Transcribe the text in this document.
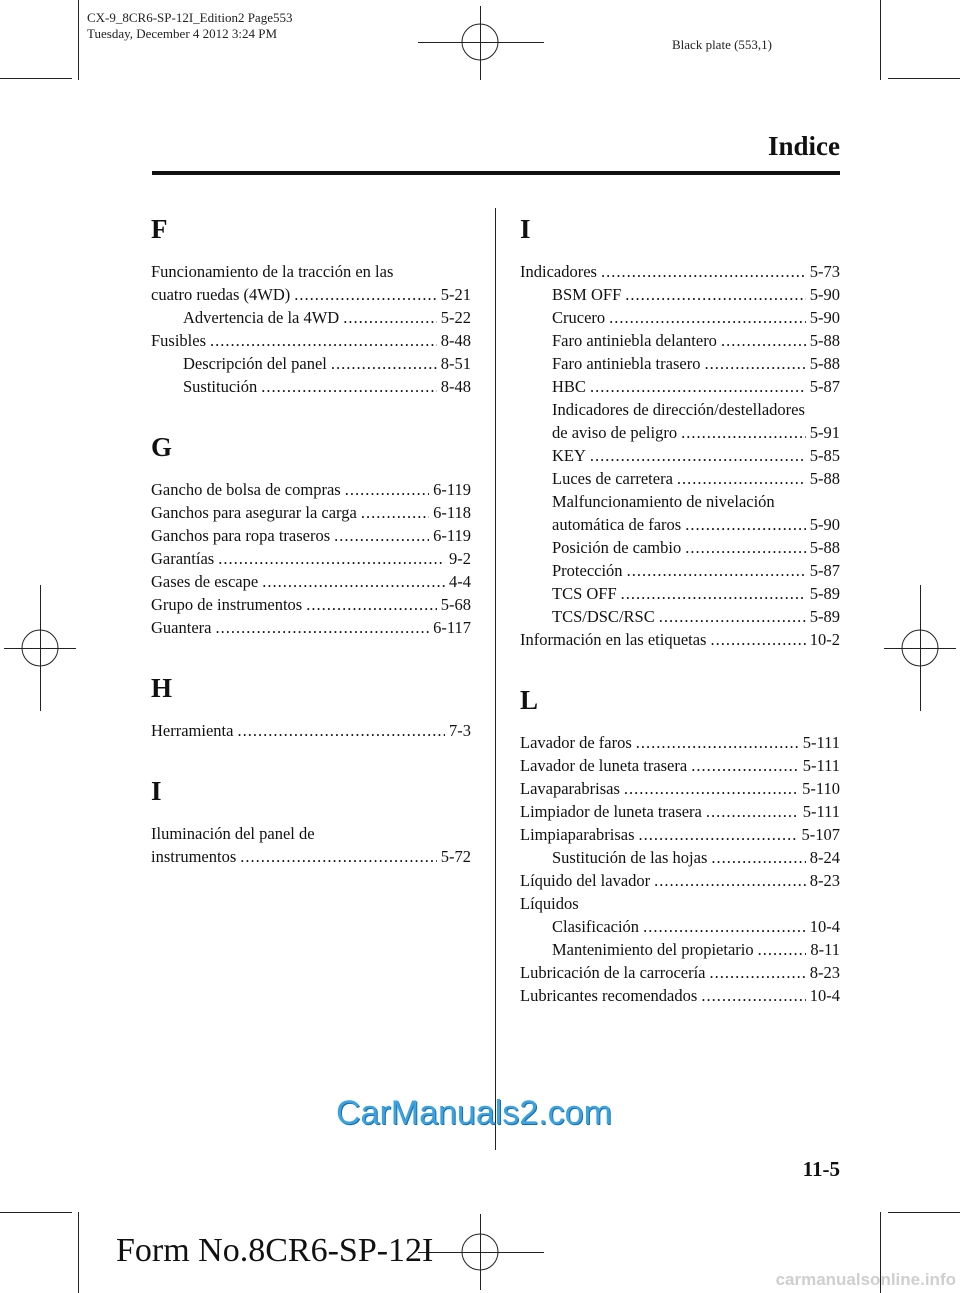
CX-9_8CR6-SP-12I_Edition2 Page553
Tuesday, December 4 2012 3:24 PM
Black plate (553,1)
Indice
F
Funcionamiento de la tracción en las
cuatro ruedas (4WD) .....	5-21
Advertencia de la 4WD .....	5-22
Fusibles .....	8-48
Descripción del panel .....	8-51
Sustitución .....	8-48
G
Gancho de bolsa de compras .....	6-119
Ganchos para asegurar la carga .....	6-118
Ganchos para ropa traseros .....	6-119
Garantías .....	9-2
Gases de escape .....	4-4
Grupo de instrumentos .....	5-68
Guantera .....	6-117
H
Herramienta .....	7-3
I
Iluminación del panel de
instrumentos .....	5-72
I
Indicadores .....	5-73
BSM OFF .....	5-90
Crucero .....	5-90
Faro antiniebla delantero .....	5-88
Faro antiniebla trasero .....	5-88
HBC .....	5-87
Indicadores de dirección/destelladores
de aviso de peligro .....	5-91
KEY .....	5-85
Luces de carretera .....	5-88
Malfuncionamiento de nivelación
automática de faros .....	5-90
Posición de cambio .....	5-88
Protección .....	5-87
TCS OFF .....	5-89
TCS/DSC/RSC .....	5-89
Información en las etiquetas .....	10-2
L
Lavador de faros .....	5-111
Lavador de luneta trasera .....	5-111
Lavaparabrisas .....	5-110
Limpiador de luneta trasera .....	5-111
Limpiaparabrisas .....	5-107
Sustitución de las hojas .....	8-24
Líquido del lavador .....	8-23
Líquidos
Clasificación .....	10-4
Mantenimiento del propietario .....	8-11
Lubricación de la carrocería .....	8-23
Lubricantes recomendados .....	10-4
11-5
Form No.8CR6-SP-12I
CarManuals2.com
carmanualsonline.info
